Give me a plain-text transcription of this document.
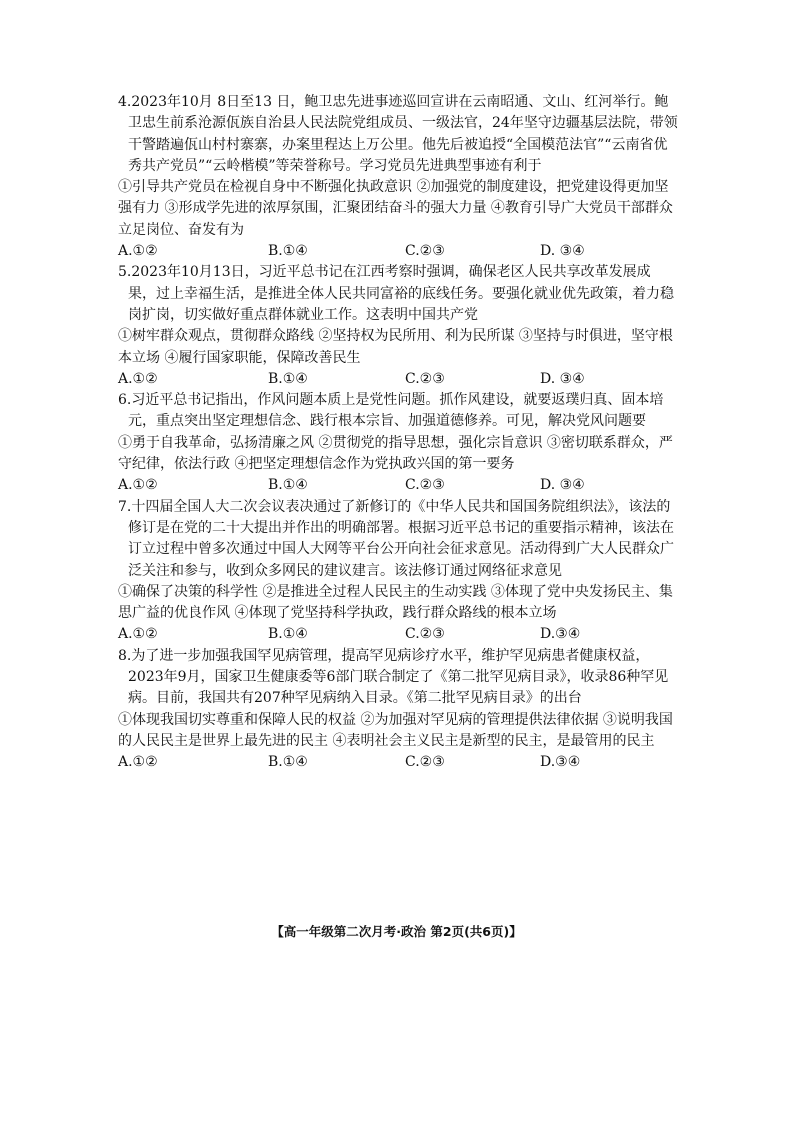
4.2023年10月 8日至13 日，鲍卫忠先进事迹巡回宣讲在云南昭通、文山、红河举行。鲍卫忠生前系沧源佤族自治县人民法院党组成员、一级法官，24年坚守边疆基层法院，带领干警踏遍佤山村村寨寨，办案里程达上万公里。他先后被追授“全国模范法官”“云南省优秀共产党员”“云岭楷模”等荣誉称号。学习党员先进典型事迹有利于

①引导共产党员在检视自身中不断强化执政意识 ②加强党的制度建设，把党建设得更加坚强有力 ③形成学先进的浓厚氛围，汇聚团结奋斗的强大力量 ④教育引导广大党员干部群众立足岗位、奋发有为

A.①②	B.①④	C.②③	D. ③④

5.2023年10月13日，习近平总书记在江西考察时强调，确保老区人民共享改革发展成果，过上幸福生活，是推进全体人民共同富裕的底线任务。要强化就业优先政策，着力稳岗扩岗，切实做好重点群体就业工作。这表明中国共产党

①树牢群众观点，贯彻群众路线 ②坚持权为民所用、利为民所谋 ③坚持与时俱进，坚守根本立场 ④履行国家职能，保障改善民生

A.①②	B.①④	C.②③	D. ③④

6.习近平总书记指出，作风问题本质上是党性问题。抓作风建设，就要返璞归真、固本培元，重点突出坚定理想信念、践行根本宗旨、加强道德修养。可见，解决党风问题要

①勇于自我革命，弘扬清廉之风 ②贯彻党的指导思想，强化宗旨意识 ③密切联系群众，严守纪律，依法行政 ④把坚定理想信念作为党执政兴国的第一要务

A.①②	B.①④	C.②③	D. ③④

7.十四届全国人大二次会议表决通过了新修订的《中华人民共和国国务院组织法》，该法的修订是在党的二十大提出并作出的明确部署。根据习近平总书记的重要指示精神，该法在订立过程中曾多次通过中国人大网等平台公开向社会征求意见。活动得到广大人民群众广泛关注和参与，收到众多网民的建议建言。该法修订通过网络征求意见

①确保了决策的科学性 ②是推进全过程人民民主的生动实践 ③体现了党中央发扬民主、集思广益的优良作风 ④体现了党坚持科学执政，践行群众路线的根本立场

A.①②	B.①④	C.②③	D.③④

8.为了进一步加强我国罕见病管理，提高罕见病诊疗水平，维护罕见病患者健康权益，2023年9月，国家卫生健康委等6部门联合制定了《第二批罕见病目录》，收录86种罕见病。目前，我国共有207种罕见病纳入目录。《第二批罕见病目录》的出台

①体现我国切实尊重和保障人民的权益 ②为加强对罕见病的管理提供法律依据 ③说明我国的人民民主是世界上最先进的民主 ④表明社会主义民主是新型的民主，是最管用的民主

A.①②	B.①④	C.②③	D.③④
【高一年级第二次月考·政治 第2页(共6页)】
